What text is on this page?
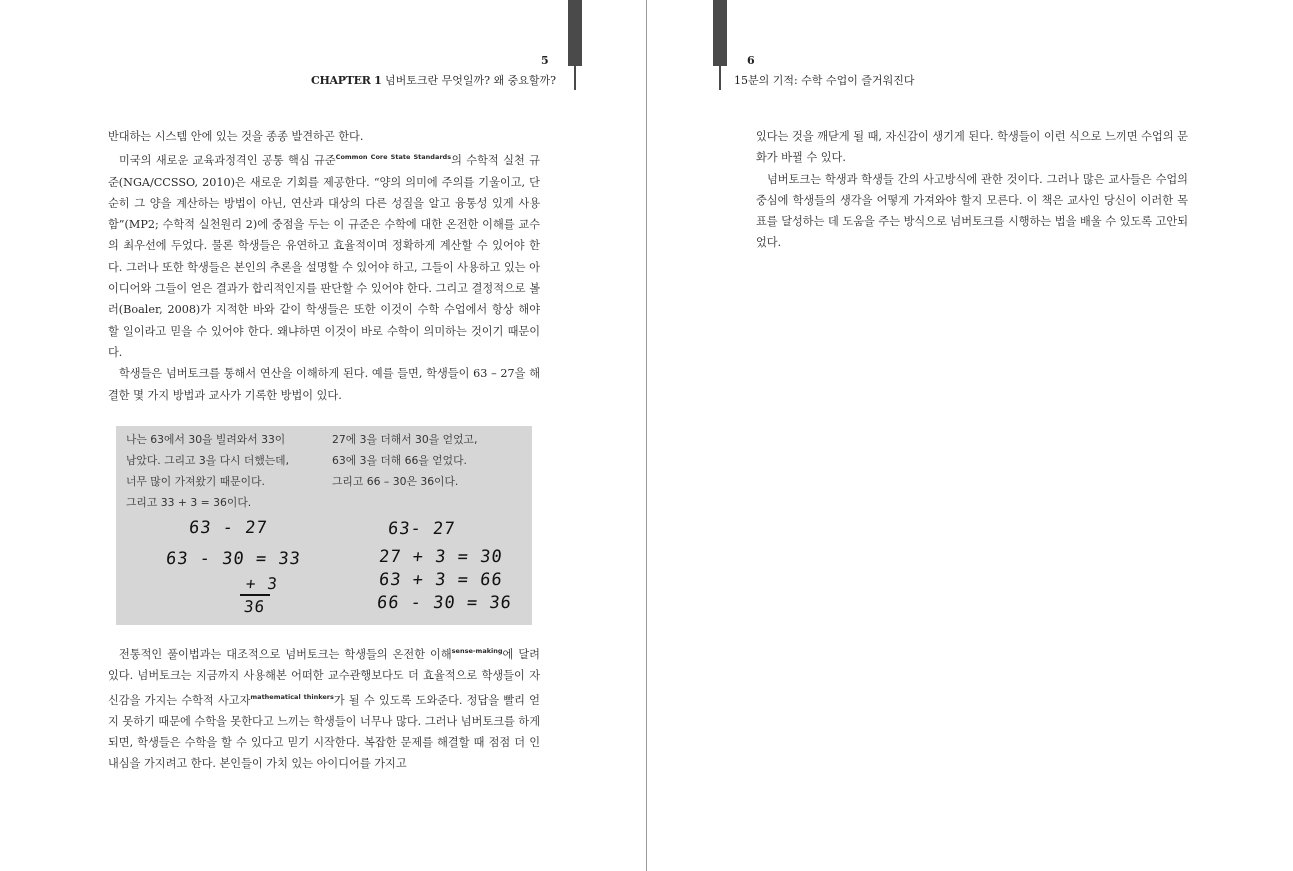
5
CHAPTER 1 넘버토크란 무엇일까? 왜 중요할까?

반대하는 시스템 안에 있는 것을 종종 발견하곤 한다.

미국의 새로운 교육과정격인 공통 핵심 규준$^{Common Core State Standards}$의 수학적 실천 규준(NGA/CCSSO, 2010)은 새로운 기회를 제공한다. “양의 의미에 주의를 기울이고, 단순히 그 양을 계산하는 방법이 아닌, 연산과 대상의 다른 성질을 알고 융통성 있게 사용함”(MP2; 수학적 실천원리 2)에 중점을 두는 이 규준은 수학에 대한 온전한 이해를 교수의 최우선에 두었다. 물론 학생들은 유연하고 효율적이며 정확하게 계산할 수 있어야 한다. 그러나 또한 학생들은 본인의 추론을 설명할 수 있어야 하고, 그들이 사용하고 있는 아이디어와 그들이 얻은 결과가 합리적인지를 판단할 수 있어야 한다. 그리고 결정적으로 볼러(Boaler, 2008)가 지적한 바와 같이 학생들은 또한 이것이 수학 수업에서 항상 해야 할 일이라고 믿을 수 있어야 한다. 왜냐하면 이것이 바로 수학이 의미하는 것이기 때문이다.

학생들은 넘버토크를 통해서 연산을 이해하게 된다. 예를 들면, 학생들이 63 – 27을 해결한 몇 가지 방법과 교사가 기록한 방법이 있다.

나는 63에서 30을 빌려와서 33이
남았다. 그리고 3을 다시 더했는데,
너무 많이 가져왔기 때문이다.
그리고 33 + 3 = 36이다.
27에 3을 더해서 30을 얻었고,
63에 3을 더해 66을 얻었다.
그리고 66 – 30은 36이다.
63 - 27
63 - 30 = 33
+ 3
36
63- 27
27 + 3 = 30
63 + 3 = 66
66 - 30 = 36

전통적인 풀이법과는 대조적으로 넘버토크는 학생들의 온전한 이해$^{sense-making}$에 달려 있다. 넘버토크는 지금까지 사용해본 어떠한 교수관행보다도 더 효율적으로 학생들이 자신감을 가지는 수학적 사고자$^{mathematical thinkers}$가 될 수 있도록 도와준다. 정답을 빨리 얻지 못하기 때문에 수학을 못한다고 느끼는 학생들이 너무나 많다. 그러나 넘버토크를 하게 되면, 학생들은 수학을 할 수 있다고 믿기 시작한다. 복잡한 문제를 해결할 때 점점 더 인내심을 가지려고 한다. 본인들이 가치 있는 아이디어를 가지고

6
15분의 기적: 수학 수업이 즐거워진다

있다는 것을 깨닫게 될 때, 자신감이 생기게 된다. 학생들이 이런 식으로 느끼면 수업의 문화가 바뀔 수 있다.

넘버토크는 학생과 학생들 간의 사고방식에 관한 것이다. 그러나 많은 교사들은 수업의 중심에 학생들의 생각을 어떻게 가져와야 할지 모른다. 이 책은 교사인 당신이 이러한 목표를 달성하는 데 도움을 주는 방식으로 넘버토크를 시행하는 법을 배울 수 있도록 고안되었다.
